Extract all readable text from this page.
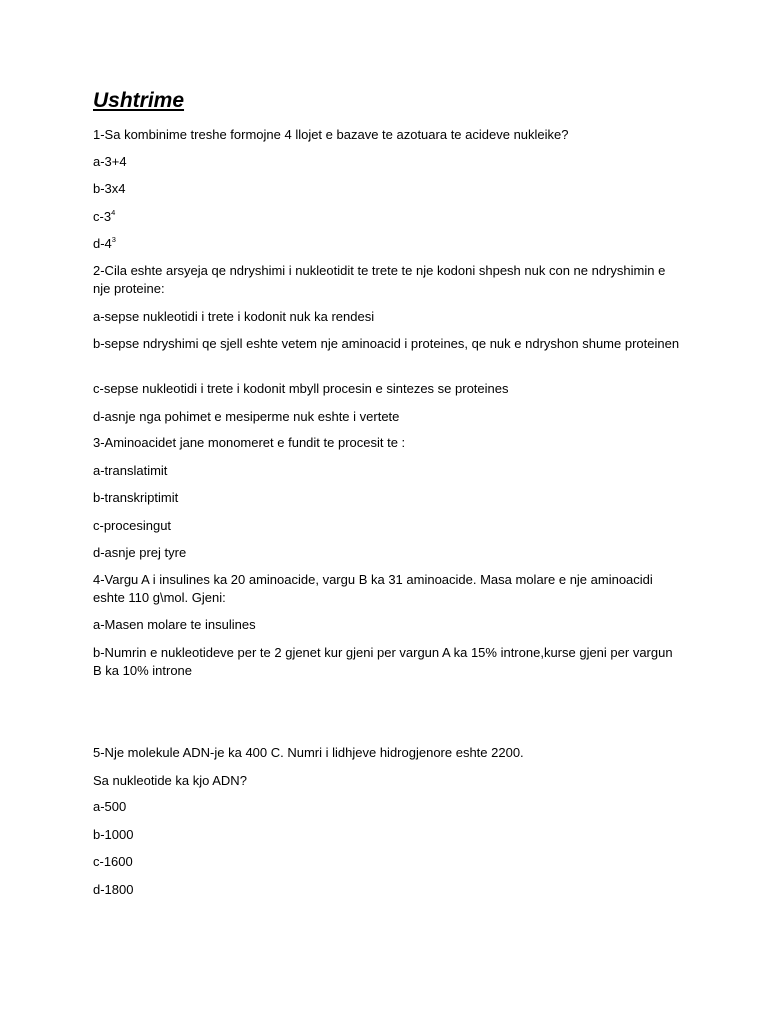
Ushtrime

1-Sa kombinime treshe formojne 4 llojet e bazave te azotuara te acideve nukleike?

a-3+4

b-3x4

$c-3^4$

$d-4^3$

2-Cila eshte arsyeja qe ndryshimi i nukleotidit te trete te nje kodoni shpesh nuk con ne ndryshimin e nje proteine:

a-sepse nukleotidi i trete i kodonit nuk ka rendesi

b-sepse ndryshimi qe sjell eshte vetem nje aminoacid i proteines, qe nuk e ndryshon shume proteinen

c-sepse nukleotidi i trete i kodonit mbyll procesin e sintezes se proteines

d-asnje nga pohimet e mesiperme nuk eshte i vertete

3-Aminoacidet jane monomeret e fundit te procesit te :

a-translatimit

b-transkriptimit

c-procesingut

d-asnje prej tyre

4-Vargu A i insulines ka 20 aminoacide, vargu B ka 31 aminoacide. Masa molare e nje aminoacidi eshte 110 g\mol. Gjeni:

a-Masen molare te insulines

b-Numrin e nukleotideve per te 2 gjenet kur gjeni per vargun A ka 15% introne,kurse gjeni per vargun B ka 10% introne

5-Nje molekule ADN-je ka 400 C. Numri i lidhjeve hidrogjenore eshte 2200.

Sa nukleotide ka kjo ADN?

a-500

b-1000

c-1600

d-1800
